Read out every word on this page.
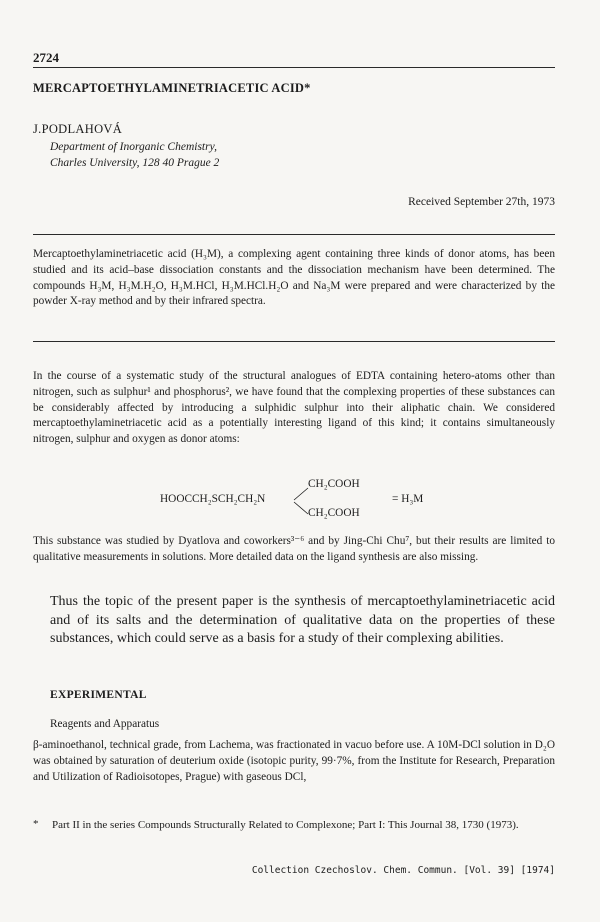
2724
MERCAPTOETHYLAMINETRIACETIC ACID*
J.PODLAHOVÁ
Department of Inorganic Chemistry,
Charles University, 128 40 Prague 2
Received September 27th, 1973
Mercaptoethylaminetriacetic acid (H₃M), a complexing agent containing three kinds of donor atoms, has been studied and its acid–base dissociation constants and the dissociation mechanism have been determined. The compounds H₃M, H₃M.H₂O, H₃M.HCl, H₃M.HCl.H₂O and Na₃M were prepared and were characterized by the powder X-ray method and by their infrared spectra.
In the course of a systematic study of the structural analogues of EDTA containing hetero-atoms other than nitrogen, such as sulphur¹ and phosphorus², we have found that the complexing properties of these substances can be considerably affected by introducing a sulphidic sulphur into their aliphatic chain. We considered mercaptoethylaminetriacetic acid as a potentially interesting ligand of this kind; it contains simultaneously nitrogen, sulphur and oxygen as donor atoms:
HOOCCH₂SCH₂CH₂N
CH₂COOH
CH₂COOH
= H₃M
This substance was studied by Dyatlova and coworkers³⁻⁶ and by Jing-Chi Chu⁷, but their results are limited to qualitative measurements in solutions. More detailed data on the ligand synthesis are also missing.
Thus the topic of the present paper is the synthesis of mercaptoethylaminetriacetic acid and of its salts and the determination of qualitative data on the properties of these substances, which could serve as a basis for a study of their complexing abilities.
EXPERIMENTAL
Reagents and Apparatus
β-aminoethanol, technical grade, from Lachema, was fractionated in vacuo before use. A 10M-DCl solution in D₂O was obtained by saturation of deuterium oxide (isotopic purity, 99·7%, from the Institute for Research, Preparation and Utilization of Radioisotopes, Prague) with gaseous DCl,
* Part II in the series Compounds Structurally Related to Complexone; Part I: This Journal 38, 1730 (1973).
Collection Czechoslov. Chem. Commun. [Vol. 39] [1974]
